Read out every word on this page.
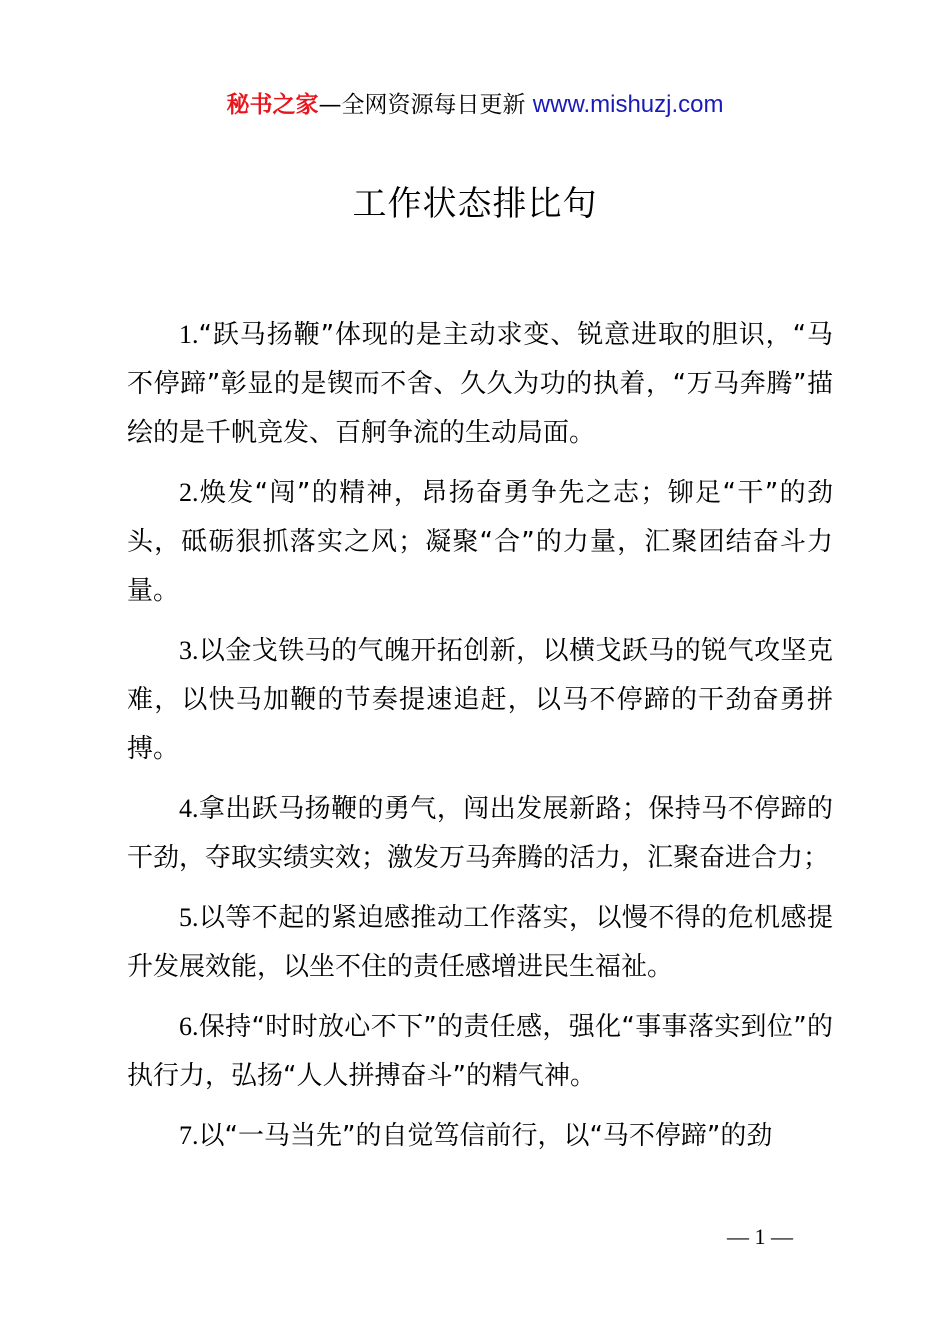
秘书之家—全网资源每日更新 www.mishuzj.com
工作状态排比句

1.“跃马扬鞭”体现的是主动求变、锐意进取的胆识，“马不停蹄”彰显的是锲而不舍、久久为功的执着，“万马奔腾”描绘的是千帆竞发、百舸争流的生动局面。

2.焕发“闯”的精神，昂扬奋勇争先之志；铆足“干”的劲头，砥砺狠抓落实之风；凝聚“合”的力量，汇聚团结奋斗力量。

3.以金戈铁马的气魄开拓创新，以横戈跃马的锐气攻坚克难，以快马加鞭的节奏提速追赶，以马不停蹄的干劲奋勇拼搏。

4.拿出跃马扬鞭的勇气，闯出发展新路；保持马不停蹄的干劲，夺取实绩实效；激发万马奔腾的活力，汇聚奋进合力；

5.以等不起的紧迫感推动工作落实，以慢不得的危机感提升发展效能，以坐不住的责任感增进民生福祉。

6.保持“时时放心不下”的责任感，强化“事事落实到位”的执行力，弘扬“人人拼搏奋斗”的精气神。

7.以“一马当先”的自觉笃信前行，以“马不停蹄”的劲

— 1 —
